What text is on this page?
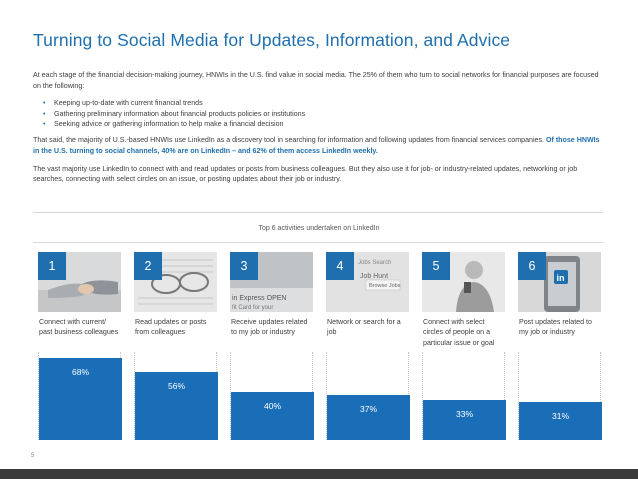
Turning to Social Media for Updates, Information, and Advice

At each stage of the financial decision-making journey, HNWIs in the U.S. find value in social media. The 25% of them who turn to social networks for financial purposes are focused on the following:

• Keeping up-to-date with current financial trends
• Gathering preliminary information about financial products policies or institutions
• Seeking advice or gathering information to help make a financial decision

That said, the majority of U.S.-based HNWIs use LinkedIn as a discovery tool in searching for information and following updates from financial services companies. Of those HNWIs in the U.S. turning to social channels, 40% are on LinkedIn – and 62% of them access LinkedIn weekly.

The vast majority use LinkedIn to connect with and read updates or posts from business colleagues. But they also use it for job- or industry-related updates, networking or job searches, connecting with select circles on an issue, or posting updates about their job or industry.

Top 6 activities undertaken on LinkedIn
1
Connect with current/ past business colleagues
68%
2
Read updates or posts from colleagues
56%
in Express OPEN
fit Card for your
3
Receive updates related to my job or industry
40%
Jobs Search
Job Hunt
Browse Jobs
4
Network or search for a job
37%
5
Connect with select circles of people on a particular issue or goal
33%
in
6
Post updates related to my job or industry
31%
5
